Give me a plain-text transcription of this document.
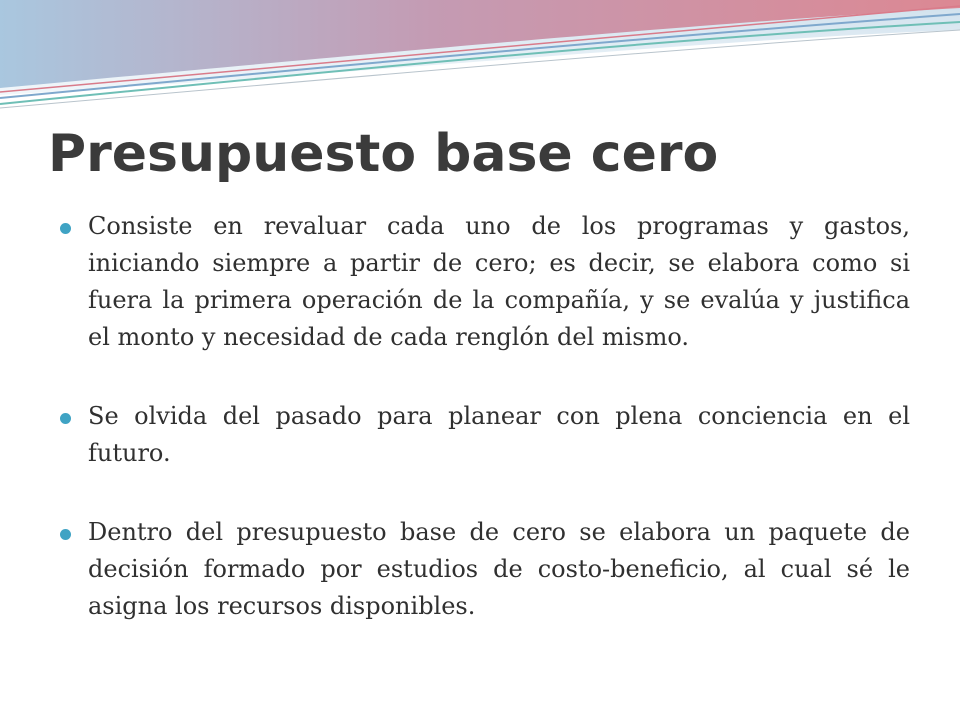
Presupuesto base cero
Consiste en revaluar cada uno de los programas y gastos, iniciando siempre a partir de cero; es decir, se elabora como si fuera la primera operación de la compañía, y se evalúa y justifica el monto y necesidad de cada renglón del mismo.
Se olvida del pasado para planear con plena conciencia en el futuro.
Dentro del presupuesto base de cero se elabora un paquete de decisión formado por estudios de costo-beneficio, al cual sé le asigna los recursos disponibles.
